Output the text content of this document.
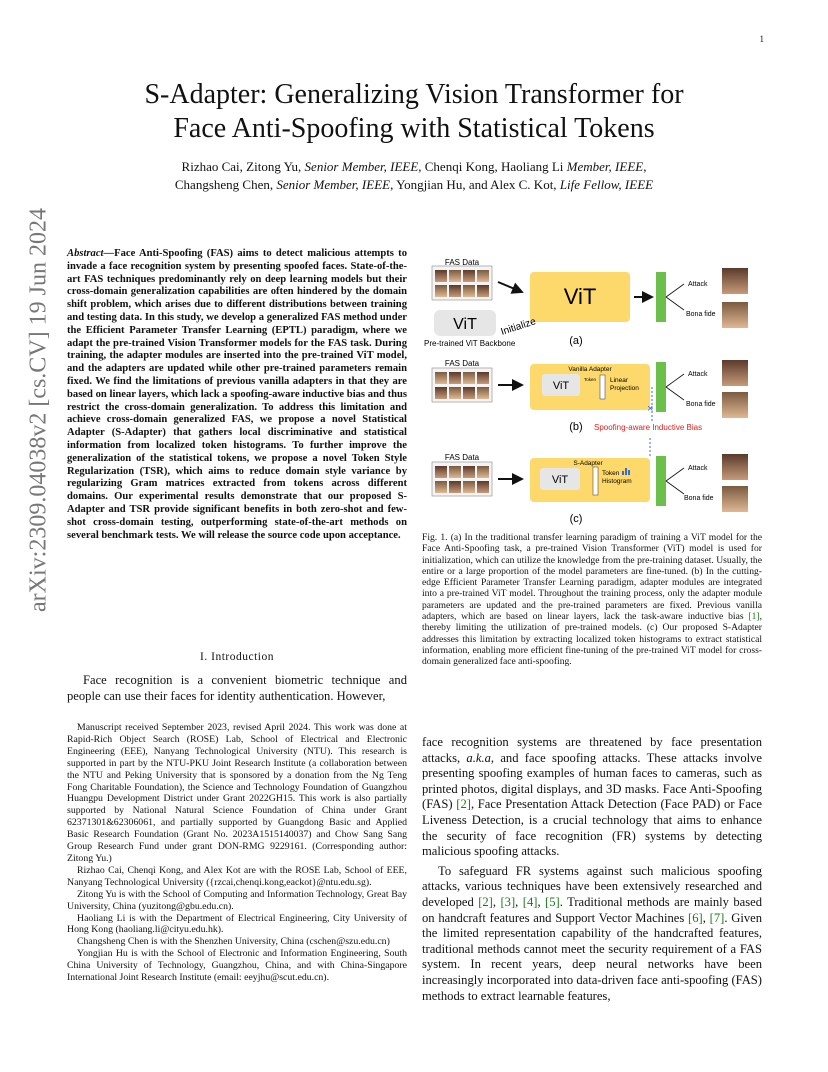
1
S-Adapter: Generalizing Vision Transformer for
Face Anti-Spoofing with Statistical Tokens
Rizhao Cai, Zitong Yu, Senior Member, IEEE, Chenqi Kong, Haoliang Li Member, IEEE,
Changsheng Chen, Senior Member, IEEE, Yongjian Hu, and Alex C. Kot, Life Fellow, IEEE
arXiv:2309.04038v2 [cs.CV] 19 Jun 2024 Abstract—Face Anti-Spoofing (FAS) aims to detect malicious attempts to invade a face recognition system by presenting spoofed faces. State-of-the-art FAS techniques predominantly rely on deep learning models but their cross-domain generalization capabilities are often hindered by the domain shift problem, which arises due to different distributions between training and testing data. In this study, we develop a generalized FAS method under the Efficient Parameter Transfer Learning (EPTL) paradigm, where we adapt the pre-trained Vision Transformer models for the FAS task. During training, the adapter modules are inserted into the pre-trained ViT model, and the adapters are updated while other pre-trained parameters remain fixed. We find the limitations of previous vanilla adapters in that they are based on linear layers, which lack a spoofing-aware inductive bias and thus restrict the cross-domain generalization. To address this limitation and achieve cross-domain generalized FAS, we propose a novel Statistical Adapter (S-Adapter) that gathers local discriminative and statistical information from localized token histograms. To further improve the generalization of the statistical tokens, we propose a novel Token Style Regularization (TSR), which aims to reduce domain style variance by regularizing Gram matrices extracted from tokens across different domains. Our experimental results demonstrate that our proposed S-Adapter and TSR provide significant benefits in both zero-shot and few-shot cross-domain testing, outperforming state-of-the-art methods on several benchmark tests. We will release the source code upon acceptance.
I. Introduction

Face recognition is a convenient biometric technique and people can use their faces for identity authentication. However,

Manuscript received September 2023, revised April 2024. This work was done at Rapid-Rich Object Search (ROSE) Lab, School of Electrical and Electronic Engineering (EEE), Nanyang Technological University (NTU). This research is supported in part by the NTU-PKU Joint Research Institute (a collaboration between the NTU and Peking University that is sponsored by a donation from the Ng Teng Fong Charitable Foundation), the Science and Technology Foundation of Guangzhou Huangpu Development District under Grant 2022GH15. This work is also partially supported by National Natural Science Foundation of China under Grant 62371301&62306061, and partially supported by Guangdong Basic and Applied Basic Research Foundation (Grant No. 2023A1515140037) and Chow Sang Sang Group Research Fund under grant DON-RMG 9229161. (Corresponding author: Zitong Yu.)

Rizhao Cai, Chenqi Kong, and Alex Kot are with the ROSE Lab, School of EEE, Nanyang Technological University ({rzcai,chenqi.kong,eackot}@ntu.edu.sg).

Zitong Yu is with the School of Computing and Information Technology, Great Bay University, China (yuzitong@gbu.edu.cn).

Haoliang Li is with the Department of Electrical Engineering, City University of Hong Kong (haoliang.li@cityu.edu.hk).

Changsheng Chen is with the Shenzhen University, China (cschen@szu.edu.cn)

Yongjian Hu is with the School of Electronic and Information Engineering, South China University of Technology, Guangzhou, China, and with China-Singapore International Joint Research Institute (email: eeyjhu@scut.edu.cn).

FAS Data
ViT
ViT Initialize
Pre-trained ViT Backbone	(a)
Attack
Bona fide
FAS Data
Vanilla Adapter
ViT
Token Linear
Projection
×
(b) Spoofing-aware Inductive Bias
Attack
Bona fide
FAS Data
S-Adapter
ViT
Token
Histogram
(c)
Attack
Bona fide
Fig. 1. (a) In the traditional transfer learning paradigm of training a ViT model for the Face Anti-Spoofing task, a pre-trained Vision Transformer (ViT) model is used for initialization, which can utilize the knowledge from the pre-training dataset. Usually, the entire or a large proportion of the model parameters are fine-tuned. (b) In the cutting-edge Efficient Parameter Transfer Learning paradigm, adapter modules are integrated into a pre-trained ViT model. Throughout the training process, only the adapter module parameters are updated and the pre-trained parameters are fixed. Previous vanilla adapters, which are based on linear layers, lack the task-aware inductive bias [1], thereby limiting the utilization of pre-trained models. (c) Our proposed S-Adapter addresses this limitation by extracting localized token histograms to extract statistical information, enabling more efficient fine-tuning of the pre-trained ViT model for cross-domain generalized face anti-spoofing.

face recognition systems are threatened by face presentation attacks, a.k.a, and face spoofing attacks. These attacks involve presenting spoofing examples of human faces to cameras, such as printed photos, digital displays, and 3D masks. Face Anti-Spoofing (FAS) [2], Face Presentation Attack Detection (Face PAD) or Face Liveness Detection, is a crucial technology that aims to enhance the security of face recognition (FR) systems by detecting malicious spoofing attacks.

To safeguard FR systems against such malicious spoofing attacks, various techniques have been extensively researched and developed [2], [3], [4], [5]. Traditional methods are mainly based on handcraft features and Support Vector Machines [6], [7]. Given the limited representation capability of the handcrafted features, traditional methods cannot meet the security requirement of a FAS system. In recent years, deep neural networks have been increasingly incorporated into data-driven face anti-spoofing (FAS) methods to extract learnable features,
